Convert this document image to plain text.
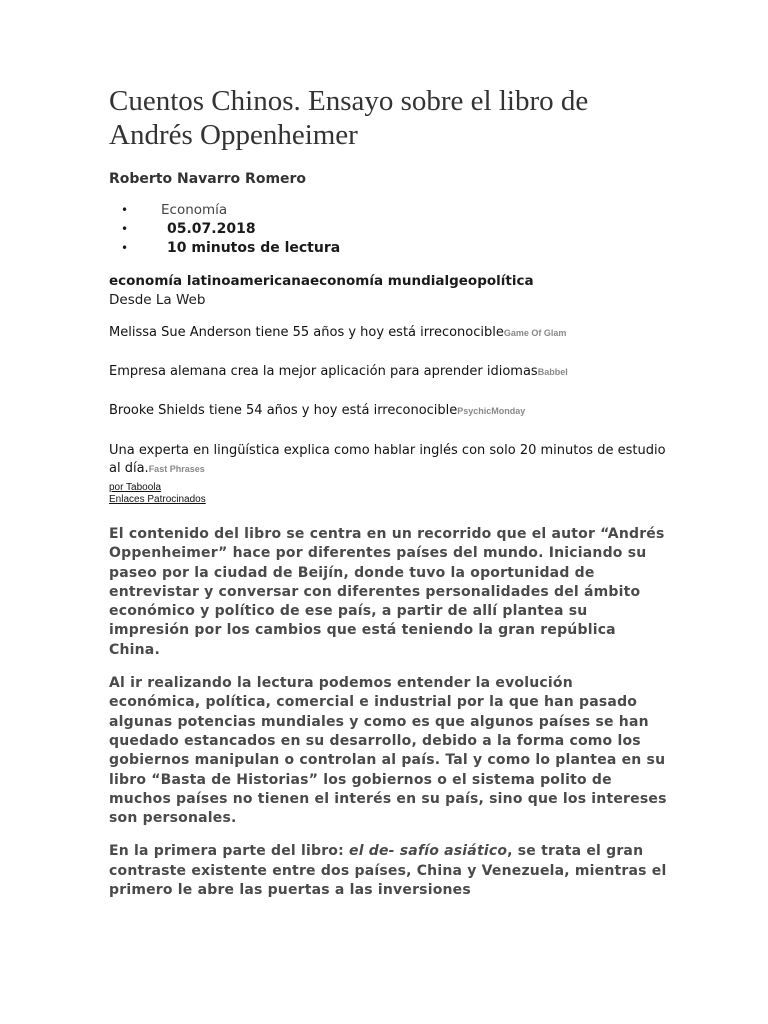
Cuentos Chinos. Ensayo sobre el libro de Andrés Oppenheimer
Roberto Navarro Romero
• Economía
•	05.07.2018
•	10 minutos de lectura
economía latinoamericanaeconomía mundialgeopolítica
Desde La Web
Melissa Sue Anderson tiene 55 años y hoy está irreconocibleGame Of Glam
Empresa alemana crea la mejor aplicación para aprender idiomasBabbel
Brooke Shields tiene 54 años y hoy está irreconociblePsychicMonday
Una experta en lingüística explica como hablar inglés con solo 20 minutos de estudio al día.Fast Phrases
por Taboola
Enlaces Patrocinados

El contenido del libro se centra en un recorrido que el autor “Andrés Oppenheimer” hace por diferentes países del mundo. Iniciando su paseo por la ciudad de Beijín, donde tuvo la oportunidad de entrevistar y conversar con diferentes personalidades del ámbito económico y político de ese país, a partir de allí plantea su impresión por los cambios que está teniendo la gran república China.

Al ir realizando la lectura podemos entender la evolución económica, política, comercial e industrial por la que han pasado algunas potencias mundiales y como es que algunos países se han quedado estancados en su desarrollo, debido a la forma como los gobiernos manipulan o controlan al país. Tal y como lo plantea en su libro “Basta de Historias” los gobiernos o el sistema polito de muchos países no tienen el interés en su país, sino que los intereses son personales.

En la primera parte del libro: el de- safío asiático, se trata el gran contraste existente entre dos países, China y Venezuela, mientras el primero le abre las puertas a las inversiones
